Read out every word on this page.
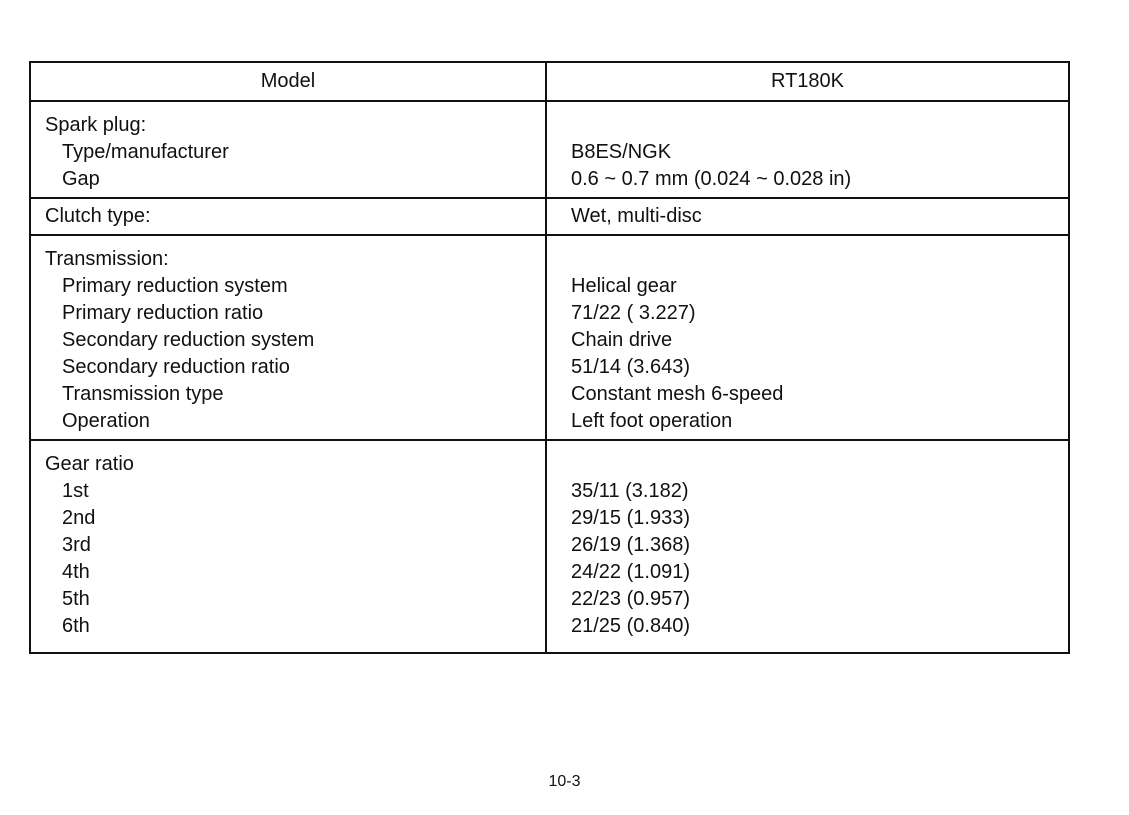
Model	RT180K
Spark plug:
Type/manufacturer
Gap
B8ES/NGK
0.6 ~ 0.7 mm (0.024 ~ 0.028 in)
Clutch type:	Wet, multi-disc
Transmission:
Primary reduction system
Primary reduction ratio
Secondary reduction system
Secondary reduction ratio
Transmission type
Operation
Helical gear
71/22 ( 3.227)
Chain drive
51/14 (3.643)
Constant mesh 6-speed
Left foot operation
Gear ratio
1st
2nd
3rd
4th
5th
6th
35/11 (3.182)
29/15 (1.933)
26/19 (1.368)
24/22 (1.091)
22/23 (0.957)
21/25 (0.840)
10-3
